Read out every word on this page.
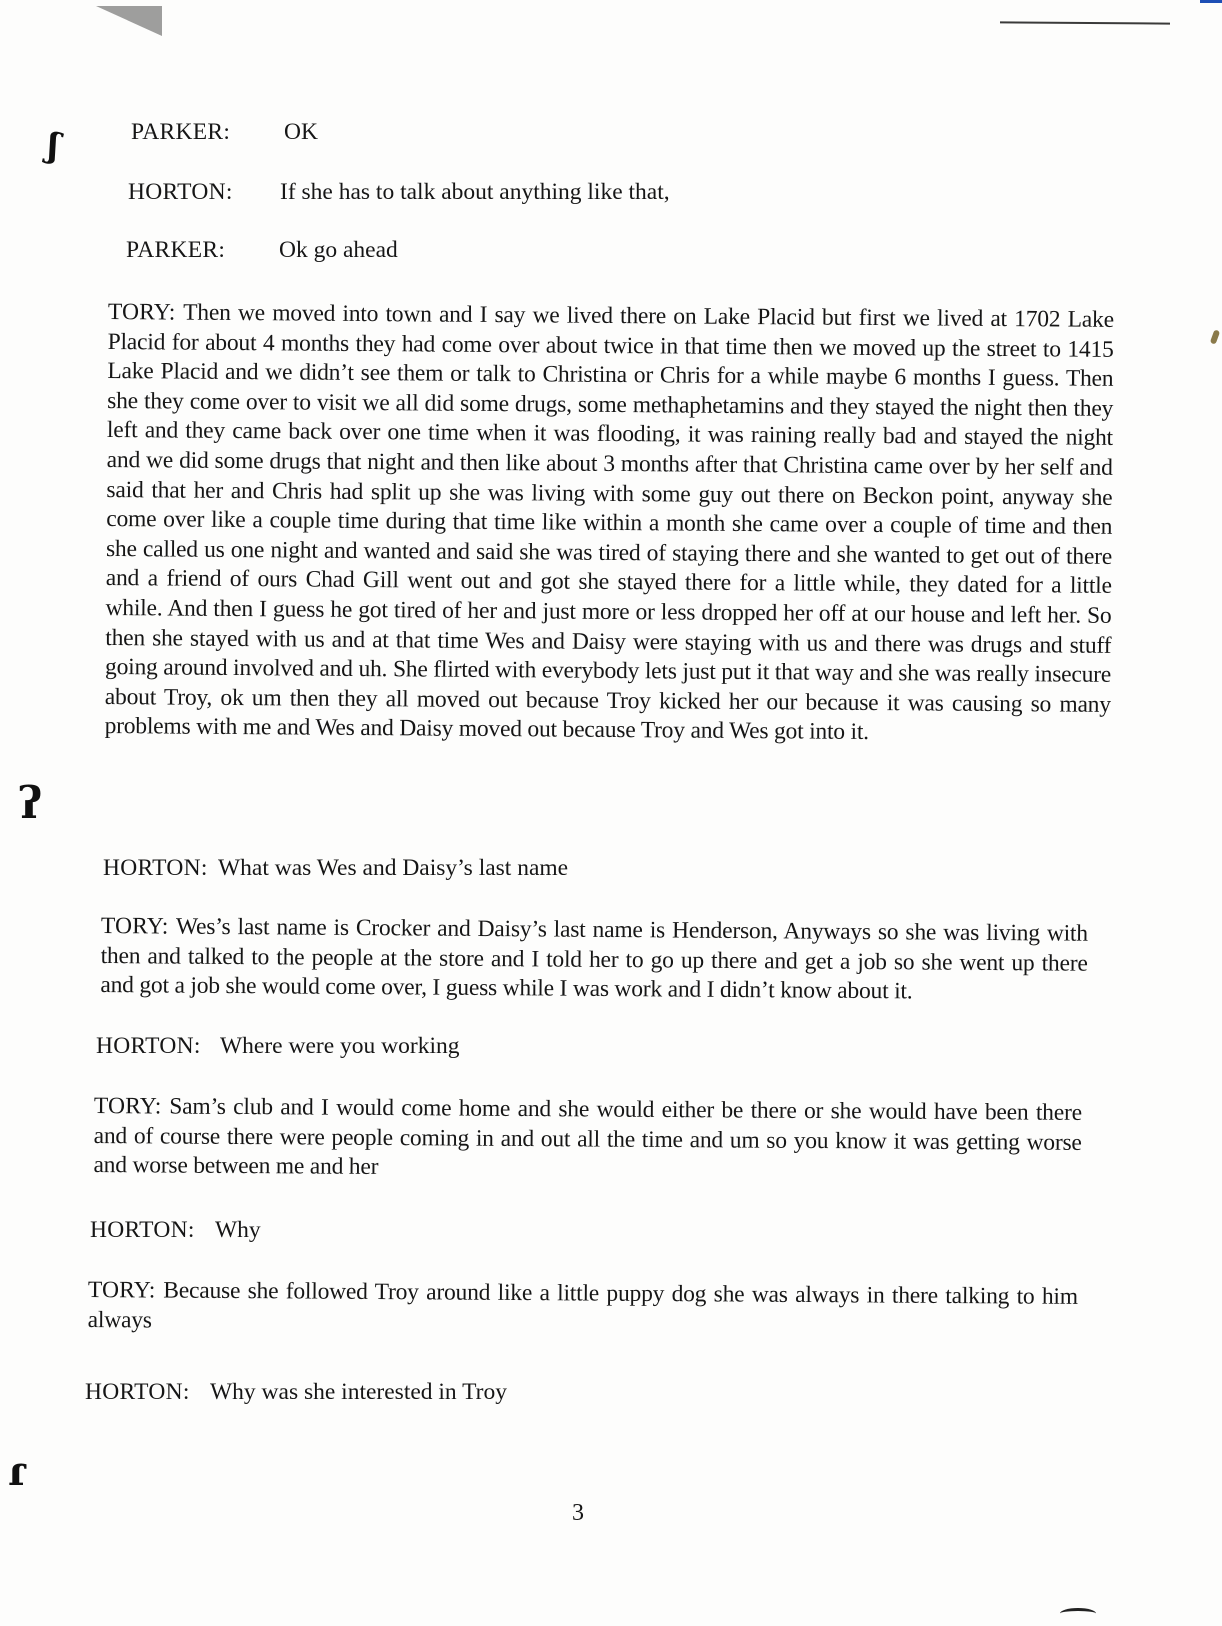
ʃ
ʔ
ɾ
PARKER: OK
HORTON: If she has to talk about anything like that,
PARKER: Ok go ahead
TORY: Then we moved into town and I say we lived there on Lake Placid but first we lived at 1702 Lake Placid for about 4 months they had come over about twice in that time then we moved up the street to 1415 Lake Placid and we didn’t see them or talk to Christina or Chris for a while maybe 6 months I guess. Then she they come over to visit we all did some drugs, some methaphetamins and they stayed the night then they left and they came back over one time when it was flooding, it was raining really bad and stayed the night and we did some drugs that night and then like about 3 months after that Christina came over by her self and said that her and Chris had split up she was living with some guy out there on Beckon point, anyway she come over like a couple time during that time like within a month she came over a couple of time and then she called us one night and wanted and said she was tired of staying there and she wanted to get out of there and a friend of ours Chad Gill went out and got she stayed there for a little while, they dated for a little while. And then I guess he got tired of her and just more or less dropped her off at our house and left her. So then she stayed with us and at that time Wes and Daisy were staying with us and there was drugs and stuff going around involved and uh. She flirted with everybody lets just put it that way and she was really insecure about Troy, ok um then they all moved out because Troy kicked her our because it was causing so many problems with me and Wes and Daisy moved out because Troy and Wes got into it.
HORTON: What was Wes and Daisy’s last name
TORY: Wes’s last name is Crocker and Daisy’s last name is Henderson, Anyways so she was living with then and talked to the people at the store and I told her to go up there and get a job so she went up there and got a job she would come over, I guess while I was work and I didn’t know about it.
HORTON: Where were you working
TORY: Sam’s club and I would come home and she would either be there or she would have been there and of course there were people coming in and out all the time and um so you know it was getting worse and worse between me and her
HORTON: Why
TORY: Because she followed Troy around like a little puppy dog she was always in there talking to him always
HORTON: Why was she interested in Troy
3
